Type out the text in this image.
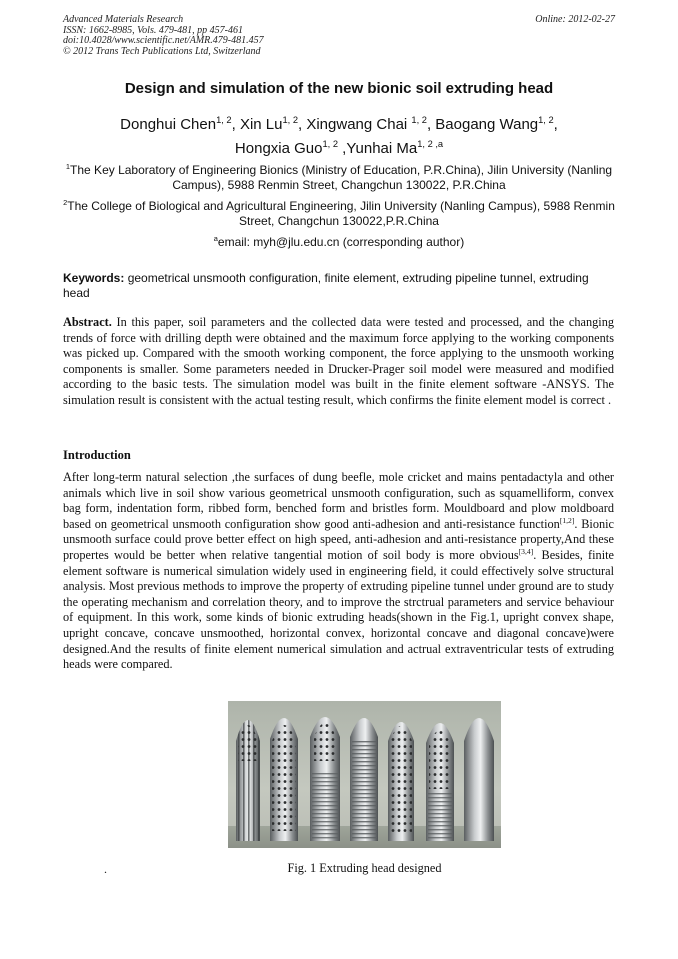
Advanced Materials Research
ISSN: 1662-8985, Vols. 479-481, pp 457-461
doi:10.4028/www.scientific.net/AMR.479-481.457
© 2012 Trans Tech Publications Ltd, Switzerland
Online: 2012-02-27
Design and simulation of the new bionic soil extruding head
Donghui Chen$^{1, 2}$, Xin Lu$^{1, 2}$, Xingwang Chai $^{1, 2}$, Baogang Wang$^{1, 2}$,
Hongxia Guo$^{1, 2}$ ,Yunhai Ma$^{1, 2 ,a}$
$^1$The Key Laboratory of Engineering Bionics (Ministry of Education, P.R.China), Jilin University (Nanling Campus), 5988 Renmin Street, Changchun 130022, P.R.China
$^2$The College of Biological and Agricultural Engineering, Jilin University (Nanling Campus), 5988 Renmin Street, Changchun 130022,P.R.China
$^a$email: myh@jlu.edu.cn (corresponding author)
Keywords: geometrical unsmooth configuration, finite element, extruding pipeline tunnel, extruding head
Abstract. In this paper, soil parameters and the collected data were tested and processed, and the changing trends of force with drilling depth were obtained and the maximum force applying to the working components was picked up. Compared with the smooth working component, the force applying to the unsmooth working components is smaller. Some parameters needed in Drucker-Prager soil model were measured and modified according to the basic tests. The simulation model was built in the finite element software -ANSYS. The simulation result is consistent with the actual testing result, which confirms the finite element model is correct .
Introduction
After long-term natural selection ,the surfaces of dung beefle, mole cricket and mains pentadactyla and other animals which live in soil show various geometrical unsmooth configuration, such as squamelliform, convex bag form, indentation form, ribbed form, benched form and bristles form. Mouldboard and plow moldboard based on geometrical unsmooth configuration show good anti-adhesion and anti-resistance function[1,2]. Bionic unsmooth surface could prove better effect on high speed, anti-adhesion and anti-resistance property,And these propertes would be better when relative tangential motion of soil body is more obvious[3,4]. Besides, finite element software is numerical simulation widely used in engineering field, it could effectively solve structural analysis. Most previous methods to improve the property of extruding pipeline tunnel under ground are to study the operating mechanism and correlation theory, and to improve the strctrual parameters and service behaviour of equipment. In this work, some kinds of bionic extruding heads(shown in the Fig.1, upright convex shape, upright concave, concave unsmoothed, horizontal convex, horizontal concave and diagonal concave)were designed.And the results of finite element numerical simulation and actrual extraventricular tests of extruding heads were compared.
.	Fig. 1 Extruding head designed
